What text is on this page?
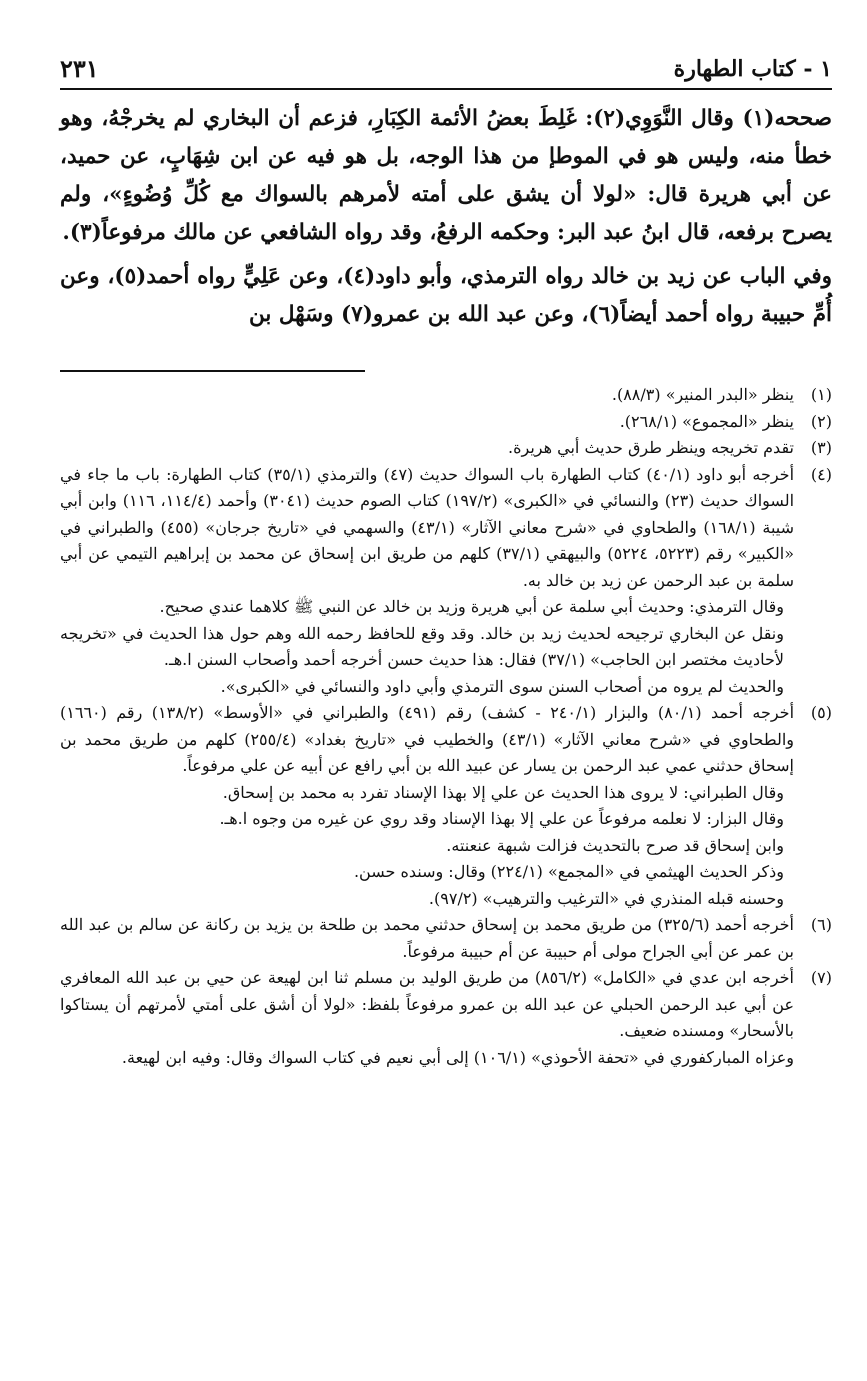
١ - كتاب الطهارة
٢٣١

صححه(١) وقال النَّوَوِي(٢): غَلِطَ بعضُ الأئمة الكِبَارِ، فزعم أن البخاري لم يخرجْهُ، وهو خطأ منه، وليس هو في الموطإ من هذا الوجه، بل هو فيه عن ابن شِهَابٍ، عن حميد، عن أبي هريرة قال: «لولا أن يشق على أمته لأمرهم بالسواك مع كُلِّ وُضُوءٍ»، ولم يصرح برفعه، قال ابنُ عبد البر: وحكمه الرفعُ، وقد رواه الشافعي عن مالك مرفوعاً(٣).

وفي الباب عن زيد بن خالد رواه الترمذي، وأبو داود(٤)، وعن عَلِيٍّ رواه أحمد(٥)، وعن أُمِّ حبيبة رواه أحمد أيضاً(٦)، وعن عبد الله بن عمرو(٧) وسَهْل بن

(١)
ينظر «البدر المنير» (٨٨/٣).
(٢)
ينظر «المجموع» (٢٦٨/١).
(٣)
تقدم تخريجه وينظر طرق حديث أبي هريرة.
(٤)
أخرجه أبو داود (٤٠/١) كتاب الطهارة باب السواك حديث (٤٧) والترمذي (٣٥/١) كتاب الطهارة: باب ما جاء في السواك حديث (٢٣) والنسائي في «الكبرى» (١٩٧/٢) كتاب الصوم حديث (٣٠٤١) وأحمد (١١٤/٤، ١١٦) وابن أبي شيبة (١٦٨/١) والطحاوي في «شرح معاني الآثار» (٤٣/١) والسهمي في «تاريخ جرجان» (٤٥٥) والطبراني في «الكبير» رقم (٥٢٢٣، ٥٢٢٤) والبيهقي (٣٧/١) كلهم من طريق ابن إسحاق عن محمد بن إبراهيم التيمي عن أبي سلمة بن عبد الرحمن عن زيد بن خالد به.
وقال الترمذي: وحديث أبي سلمة عن أبي هريرة وزيد بن خالد عن النبي ﷺ كلاهما عندي صحيح.
ونقل عن البخاري ترجيحه لحديث زيد بن خالد. وقد وقع للحافظ رحمه الله وهم حول هذا الحديث في «تخريجه لأحاديث مختصر ابن الحاجب» (٣٧/١) فقال: هذا حديث حسن أخرجه أحمد وأصحاب السنن ا.هـ.
والحديث لم يروه من أصحاب السنن سوى الترمذي وأبي داود والنسائي في «الكبرى».
(٥)
أخرجه أحمد (٨٠/١) والبزار (٢٤٠/١ - كشف) رقم (٤٩١) والطبراني في «الأوسط» (١٣٨/٢) رقم (١٦٦٠) والطحاوي في «شرح معاني الآثار» (٤٣/١) والخطيب في «تاريخ بغداد» (٢٥٥/٤) كلهم من طريق محمد بن إسحاق حدثني عمي عبد الرحمن بن يسار عن عبيد الله بن أبي رافع عن أبيه عن علي مرفوعاً.
وقال الطبراني: لا يروى هذا الحديث عن علي إلا بهذا الإسناد تفرد به محمد بن إسحاق.
وقال البزار: لا نعلمه مرفوعاً عن علي إلا بهذا الإسناد وقد روي عن غيره من وجوه ا.هـ.
وابن إسحاق قد صرح بالتحديث فزالت شبهة عنعنته.
وذكر الحديث الهيثمي في «المجمع» (٢٢٤/١) وقال: وسنده حسن.
وحسنه قبله المنذري في «الترغيب والترهيب» (٩٧/٢).
(٦)
أخرجه أحمد (٣٢٥/٦) من طريق محمد بن إسحاق حدثني محمد بن طلحة بن يزيد بن ركانة عن سالم بن عبد الله بن عمر عن أبي الجراح مولى أم حبيبة عن أم حبيبة مرفوعاً.
(٧)
أخرجه ابن عدي في «الكامل» (٨٥٦/٢) من طريق الوليد بن مسلم ثنا ابن لهيعة عن حيي بن عبد الله المعافري عن أبي عبد الرحمن الحبلي عن عبد الله بن عمرو مرفوعاً بلفظ: «لولا أن أشق على أمتي لأمرتهم أن يستاكوا بالأسحار» ومسنده ضعيف.
وعزاه المباركفوري في «تحفة الأحوذي» (١٠٦/١) إلى أبي نعيم في كتاب السواك وقال: وفيه ابن لهيعة.
